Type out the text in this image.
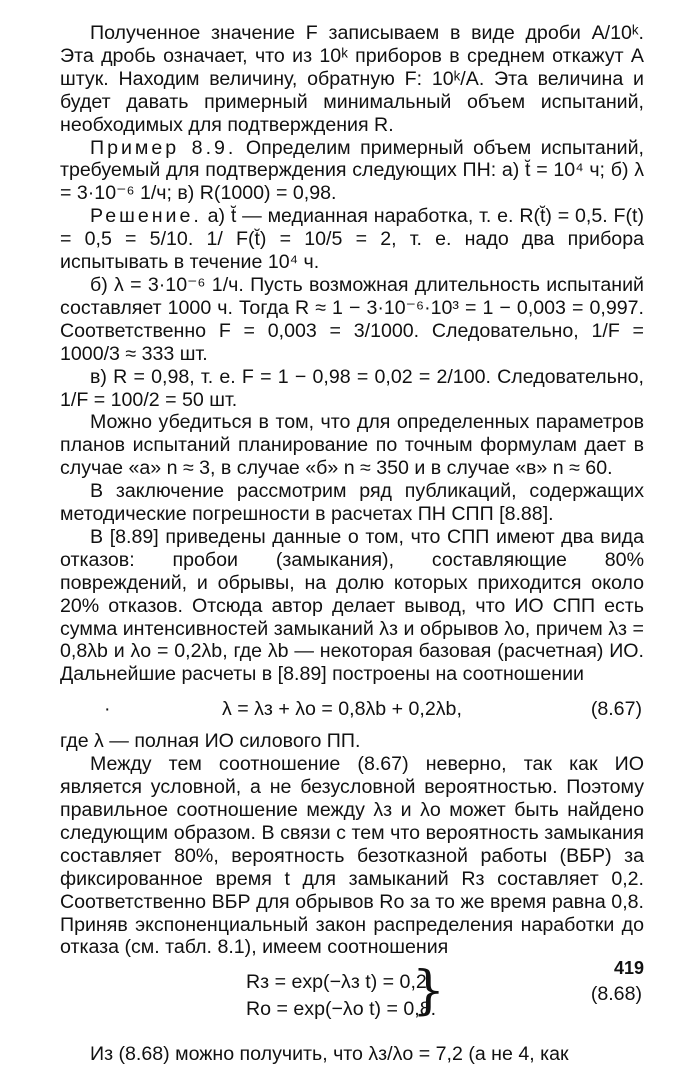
Полученное значение F записываем в виде дроби A/10ᵏ. Эта дробь означает, что из 10ᵏ приборов в среднем откажут A штук. Находим величину, обратную F: 10ᵏ/A. Эта величина и будет давать примерный минимальный объем испытаний, необходимых для подтверждения R.

Пример 8.9. Определим примерный объем испытаний, требуемый для подтверждения следующих ПН: а) t̆ = 10⁴ ч; б) λ = 3·10⁻⁶ 1/ч; в) R(1000) = 0,98.

Решение. а) t̆ — медианная наработка, т. е. R(t̆) = 0,5. F(t) = 0,5 = 5/10. 1/ F(t̆) = 10/5 = 2, т. е. надо два прибора испытывать в течение 10⁴ ч.

б) λ = 3·10⁻⁶ 1/ч. Пусть возможная длительность испытаний составляет 1000 ч. Тогда R ≈ 1 − 3·10⁻⁶·10³ = 1 − 0,003 = 0,997. Соответственно F = 0,003 = 3/1000. Следовательно, 1/F = 1000/3 ≈ 333 шт.

в) R = 0,98, т. е. F = 1 − 0,98 = 0,02 = 2/100. Следовательно, 1/F = 100/2 = 50 шт.

Можно убедиться в том, что для определенных параметров планов испытаний планирование по точным формулам дает в случае «а» n ≈ 3, в случае «б» n ≈ 350 и в случае «в» n ≈ 60.

В заключение рассмотрим ряд публикаций, содержащих методические погрешности в расчетах ПН СПП [8.88].

В [8.89] приведены данные о том, что СПП имеют два вида отказов: пробои (замыкания), составляющие 80% повреждений, и обрывы, на долю которых приходится около 20% отказов. Отсюда автор делает вывод, что ИО СПП есть сумма интенсивностей замыканий λз и обрывов λо, причем λз = 0,8λb и λо = 0,2λb, где λb — некоторая базовая (расчетная) ИО. Дальнейшие расчеты в [8.89] построены на соотношении

·	λ = λз + λо = 0,8λb + 0,2λb,	(8.67)

где λ — полная ИО силового ПП.

Между тем соотношение (8.67) неверно, так как ИО является условной, а не безусловной вероятностью. Поэтому правильное соотношение между λз и λо может быть найдено следующим образом. В связи с тем что вероятность замыкания составляет 80%, вероятность безотказной работы (ВБР) за фиксированное время t для замыканий Rз составляет 0,2. Соответственно ВБР для обрывов Rо за то же время равна 0,8. Приняв экспоненциальный закон распределения наработки до отказа (см. табл. 8.1), имеем соотношения

Rз = exp(−λз t) = 0,2;
Rо = exp(−λо t) = 0,8.
}	(8.68)

Из (8.68) можно получить, что λз/λо = 7,2 (а не 4, как

419
